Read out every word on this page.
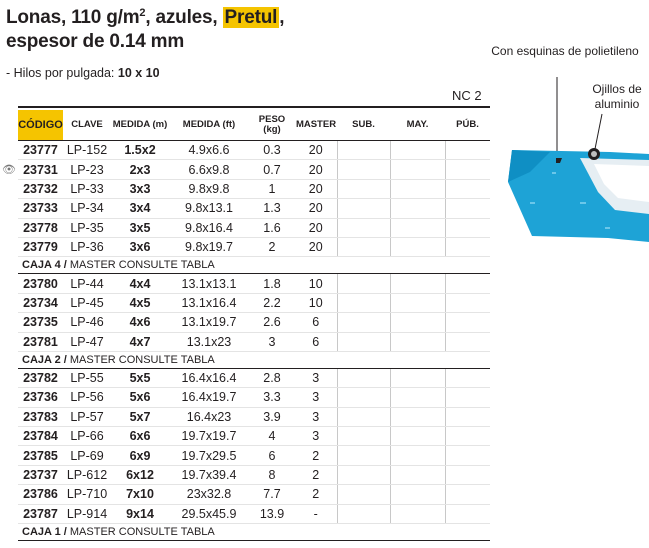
Lonas, 110 $g/m^2$, azules, Pretul ,
espesor de 0.14 mm
- Hilos por pulgada: 10 x 10
NC 2
👁
Con esquinas de polietileno
Ojillos de aluminio
CÓDIGO	CLAVE	MEDIDA (m)	MEDIDA (ft)	PESO (kg)	MASTER	SUB.	MAY.	PÚB.
23777	LP-152	1.5x2	4.9x6.6	0.3	20			
23731	LP-23	2x3	6.6x9.8	0.7	20			
23732	LP-33	3x3	9.8x9.8	1	20			
23733	LP-34	3x4	9.8x13.1	1.3	20			
23778	LP-35	3x5	9.8x16.4	1.6	20			
23779	LP-36	3x6	9.8x19.7	2	20			
CAJA 4 / MASTER CONSULTE TABLA								
23780	LP-44	4x4	13.1x13.1	1.8	10			
23734	LP-45	4x5	13.1x16.4	2.2	10			
23735	LP-46	4x6	13.1x19.7	2.6	6			
23781	LP-47	4x7	13.1x23	3	6			
CAJA 2 / MASTER CONSULTE TABLA								
23782	LP-55	5x5	16.4x16.4	2.8	3			
23736	LP-56	5x6	16.4x19.7	3.3	3			
23783	LP-57	5x7	16.4x23	3.9	3			
23784	LP-66	6x6	19.7x19.7	4	3			
23785	LP-69	6x9	19.7x29.5	6	2			
23737	LP-612	6x12	19.7x39.4	8	2			
23786	LP-710	7x10	23x32.8	7.7	2			
23787	LP-914	9x14	29.5x45.9	13.9	-			
CAJA 1 / MASTER CONSULTE TABLA								
